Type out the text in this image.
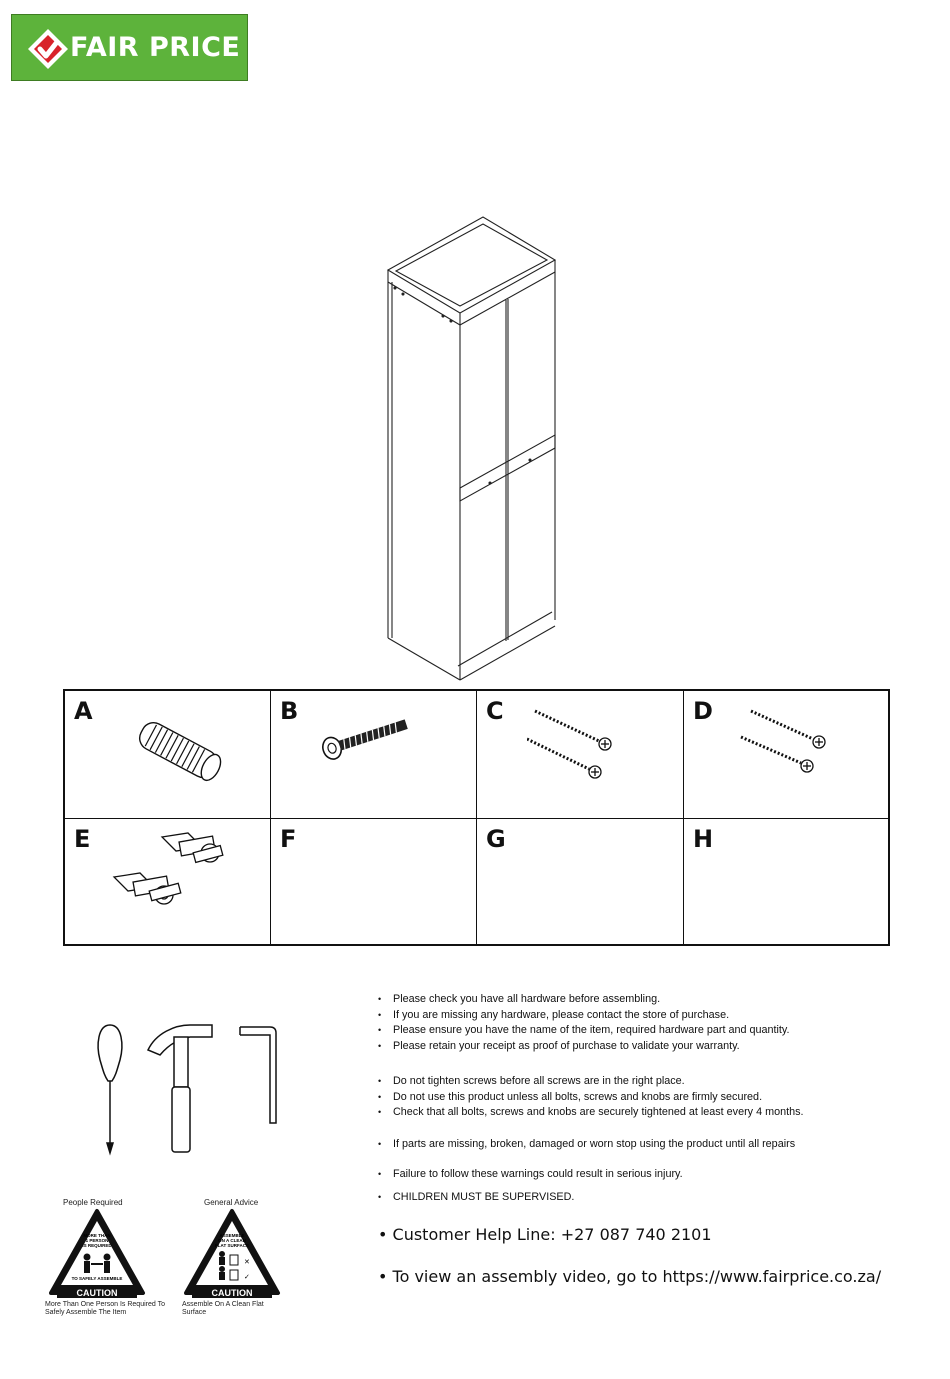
FAIR PRICE
A	B	C	D
E	F	G	H
People Required
MORE THAN
1 PERSON
IS REQUIRED
TO SAFELY ASSEMBLE
CAUTION
More Than One Person Is Required To Safely Assemble The Item
General Advice
ASSEMBLE
ON A CLEAN
FLAT SURFACE
✕
✓
CAUTION
Assemble On A Clean Flat Surface
• Please check you have all hardware before assembling.
• If you are missing any hardware, please contact the store of purchase.
• Please ensure you have the name of the item, required hardware part and quantity.
• Please retain your receipt as proof of purchase to validate your warranty.
• Do not tighten screws before all screws are in the right place.
• Do not use this product unless all bolts, screws and knobs are firmly secured.
• Check that all bolts, screws and knobs are securely tightened at least every 4 months.
• If parts are missing, broken, damaged or worn stop using the product until all repairs
• Failure to follow these warnings could result in serious injury.
• CHILDREN MUST BE SUPERVISED.
• Customer Help Line: +27 087 740 2101
• To view an assembly video, go to https://www.fairprice.co.za/
